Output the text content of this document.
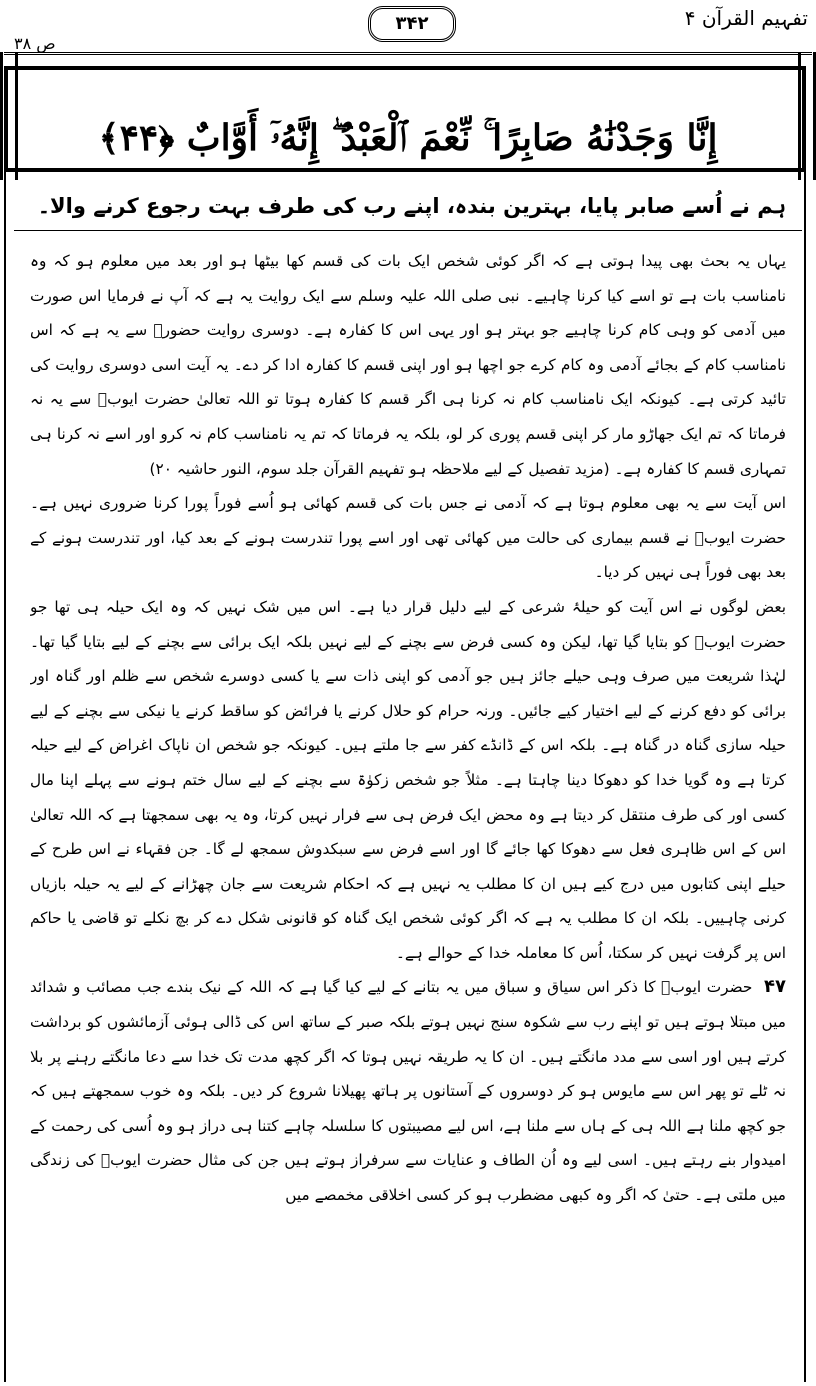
تفہیم القرآن ۴
۳۴۲
ص ۳۸
إِنَّا وَجَدْنَٰهُ صَابِرًا ۚ نِّعْمَ ٱلْعَبْدُ ۖ إِنَّهُۥٓ أَوَّابٌ ﴿۴۴﴾
ہم نے اُسے صابر پایا، بہترین بندہ، اپنے رب کی طرف بہت رجوع کرنے والا۔

یہاں یہ بحث بھی پیدا ہوتی ہے کہ اگر کوئی شخص ایک بات کی قسم کھا بیٹھا ہو اور بعد میں معلوم ہو کہ وہ نامناسب بات ہے تو اسے کیا کرنا چاہیے۔ نبی صلی اللہ علیہ وسلم سے ایک روایت یہ ہے کہ آپ نے فرمایا اس صورت میں آدمی کو وہی کام کرنا چاہیے جو بہتر ہو اور یہی اس کا کفارہ ہے۔ دوسری روایت حضورؐ سے یہ ہے کہ اس نامناسب کام کے بجائے آدمی وہ کام کرے جو اچھا ہو اور اپنی قسم کا کفارہ ادا کر دے۔ یہ آیت اسی دوسری روایت کی تائید کرتی ہے۔ کیونکہ ایک نامناسب کام نہ کرنا ہی اگر قسم کا کفارہ ہوتا تو اللہ تعالیٰ حضرت ایوبؑ سے یہ نہ فرماتا کہ تم ایک جھاڑو مار کر اپنی قسم پوری کر لو، بلکہ یہ فرماتا کہ تم یہ نامناسب کام نہ کرو اور اسے نہ کرنا ہی تمہاری قسم کا کفارہ ہے۔ (مزید تفصیل کے لیے ملاحظہ ہو تفہیم القرآن جلد سوم، النور حاشیہ ۲۰)

اس آیت سے یہ بھی معلوم ہوتا ہے کہ آدمی نے جس بات کی قسم کھائی ہو اُسے فوراً پورا کرنا ضروری نہیں ہے۔ حضرت ایوبؑ نے قسم بیماری کی حالت میں کھائی تھی اور اسے پورا تندرست ہونے کے بعد کیا، اور تندرست ہونے کے بعد بھی فوراً ہی نہیں کر دیا۔

بعض لوگوں نے اس آیت کو حیلۂ شرعی کے لیے دلیل قرار دیا ہے۔ اس میں شک نہیں کہ وہ ایک حیلہ ہی تھا جو حضرت ایوبؑ کو بتایا گیا تھا، لیکن وہ کسی فرض سے بچنے کے لیے نہیں بلکہ ایک برائی سے بچنے کے لیے بتایا گیا تھا۔ لہٰذا شریعت میں صرف وہی حیلے جائز ہیں جو آدمی کو اپنی ذات سے یا کسی دوسرے شخص سے ظلم اور گناہ اور برائی کو دفع کرنے کے لیے اختیار کیے جائیں۔ ورنہ حرام کو حلال کرنے یا فرائض کو ساقط کرنے یا نیکی سے بچنے کے لیے حیلہ سازی گناہ در گناہ ہے۔ بلکہ اس کے ڈانڈے کفر سے جا ملتے ہیں۔ کیونکہ جو شخص ان ناپاک اغراض کے لیے حیلہ کرتا ہے وہ گویا خدا کو دھوکا دینا چاہتا ہے۔ مثلاً جو شخص زکوٰۃ سے بچنے کے لیے سال ختم ہونے سے پہلے اپنا مال کسی اور کی طرف منتقل کر دیتا ہے وہ محض ایک فرض ہی سے فرار نہیں کرتا، وہ یہ بھی سمجھتا ہے کہ اللہ تعالیٰ اس کے اس ظاہری فعل سے دھوکا کھا جائے گا اور اسے فرض سے سبکدوش سمجھ لے گا۔ جن فقہاء نے اس طرح کے حیلے اپنی کتابوں میں درج کیے ہیں ان کا مطلب یہ نہیں ہے کہ احکام شریعت سے جان چھڑانے کے لیے یہ حیلہ بازیاں کرنی چاہییں۔ بلکہ ان کا مطلب یہ ہے کہ اگر کوئی شخص ایک گناہ کو قانونی شکل دے کر بچ نکلے تو قاضی یا حاکم اس پر گرفت نہیں کر سکتا، اُس کا معاملہ خدا کے حوالے ہے۔

۴۷ حضرت ایوبؑ کا ذکر اس سیاق و سباق میں یہ بتانے کے لیے کیا گیا ہے کہ اللہ کے نیک بندے جب مصائب و شدائد میں مبتلا ہوتے ہیں تو اپنے رب سے شکوہ سنج نہیں ہوتے بلکہ صبر کے ساتھ اس کی ڈالی ہوئی آزمائشوں کو برداشت کرتے ہیں اور اسی سے مدد مانگتے ہیں۔ ان کا یہ طریقہ نہیں ہوتا کہ اگر کچھ مدت تک خدا سے دعا مانگتے رہنے پر بلا نہ ٹلے تو پھر اس سے مایوس ہو کر دوسروں کے آستانوں پر ہاتھ پھیلانا شروع کر دیں۔ بلکہ وہ خوب سمجھتے ہیں کہ جو کچھ ملنا ہے اللہ ہی کے ہاں سے ملنا ہے، اس لیے مصیبتوں کا سلسلہ چاہے کتنا ہی دراز ہو وہ اُسی کی رحمت کے امیدوار بنے رہتے ہیں۔ اسی لیے وہ اُن الطاف و عنایات سے سرفراز ہوتے ہیں جن کی مثال حضرت ایوبؑ کی زندگی میں ملتی ہے۔ حتیٰ کہ اگر وہ کبھی مضطرب ہو کر کسی اخلاقی مخمصے میں
